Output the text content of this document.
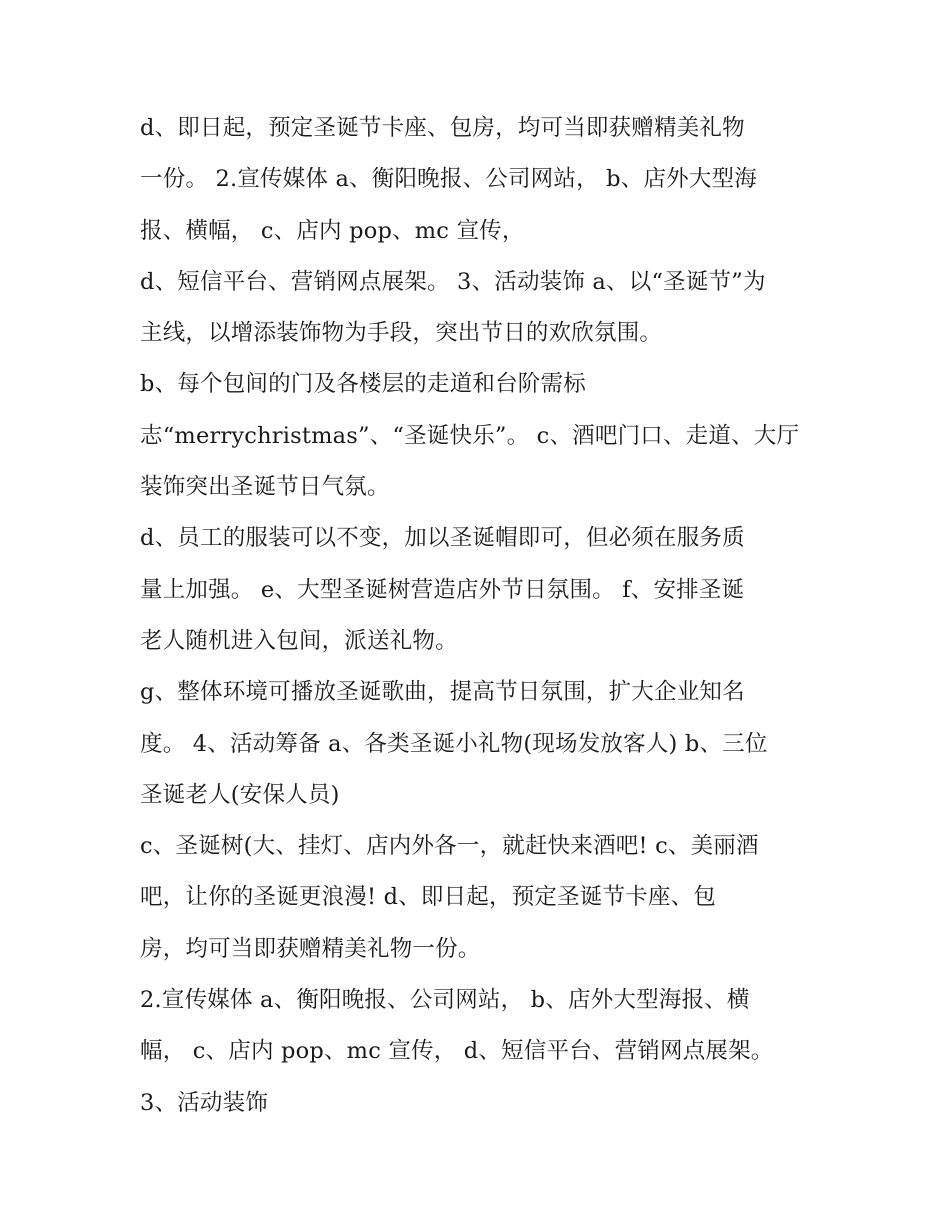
d、即日起，预定圣诞节卡座、包房，均可当即获赠精美礼物
一份。 2.宣传媒体 a、衡阳晚报、公司网站， b、店外大型海
报、横幅， c、店内 pop、mc 宣传，
d、短信平台、营销网点展架。 3、活动装饰 a、以“圣诞节”为
主线，以增添装饰物为手段，突出节日的欢欣氛围。
b、每个包间的门及各楼层的走道和台阶需标
志“merrychristmas”、“圣诞快乐”。 c、酒吧门口、走道、大厅
装饰突出圣诞节日气氛。
d、员工的服装可以不变，加以圣诞帽即可，但必须在服务质
量上加强。 e、大型圣诞树营造店外节日氛围。 f、安排圣诞
老人随机进入包间，派送礼物。
g、整体环境可播放圣诞歌曲，提高节日氛围，扩大企业知名
度。 4、活动筹备 a、各类圣诞小礼物(现场发放客人) b、三位
圣诞老人(安保人员)
c、圣诞树(大、挂灯、店内外各一，就赶快来酒吧! c、美丽酒
吧，让你的圣诞更浪漫! d、即日起，预定圣诞节卡座、包
房，均可当即获赠精美礼物一份。
2.宣传媒体 a、衡阳晚报、公司网站， b、店外大型海报、横
幅， c、店内 pop、mc 宣传， d、短信平台、营销网点展架。
3、活动装饰
